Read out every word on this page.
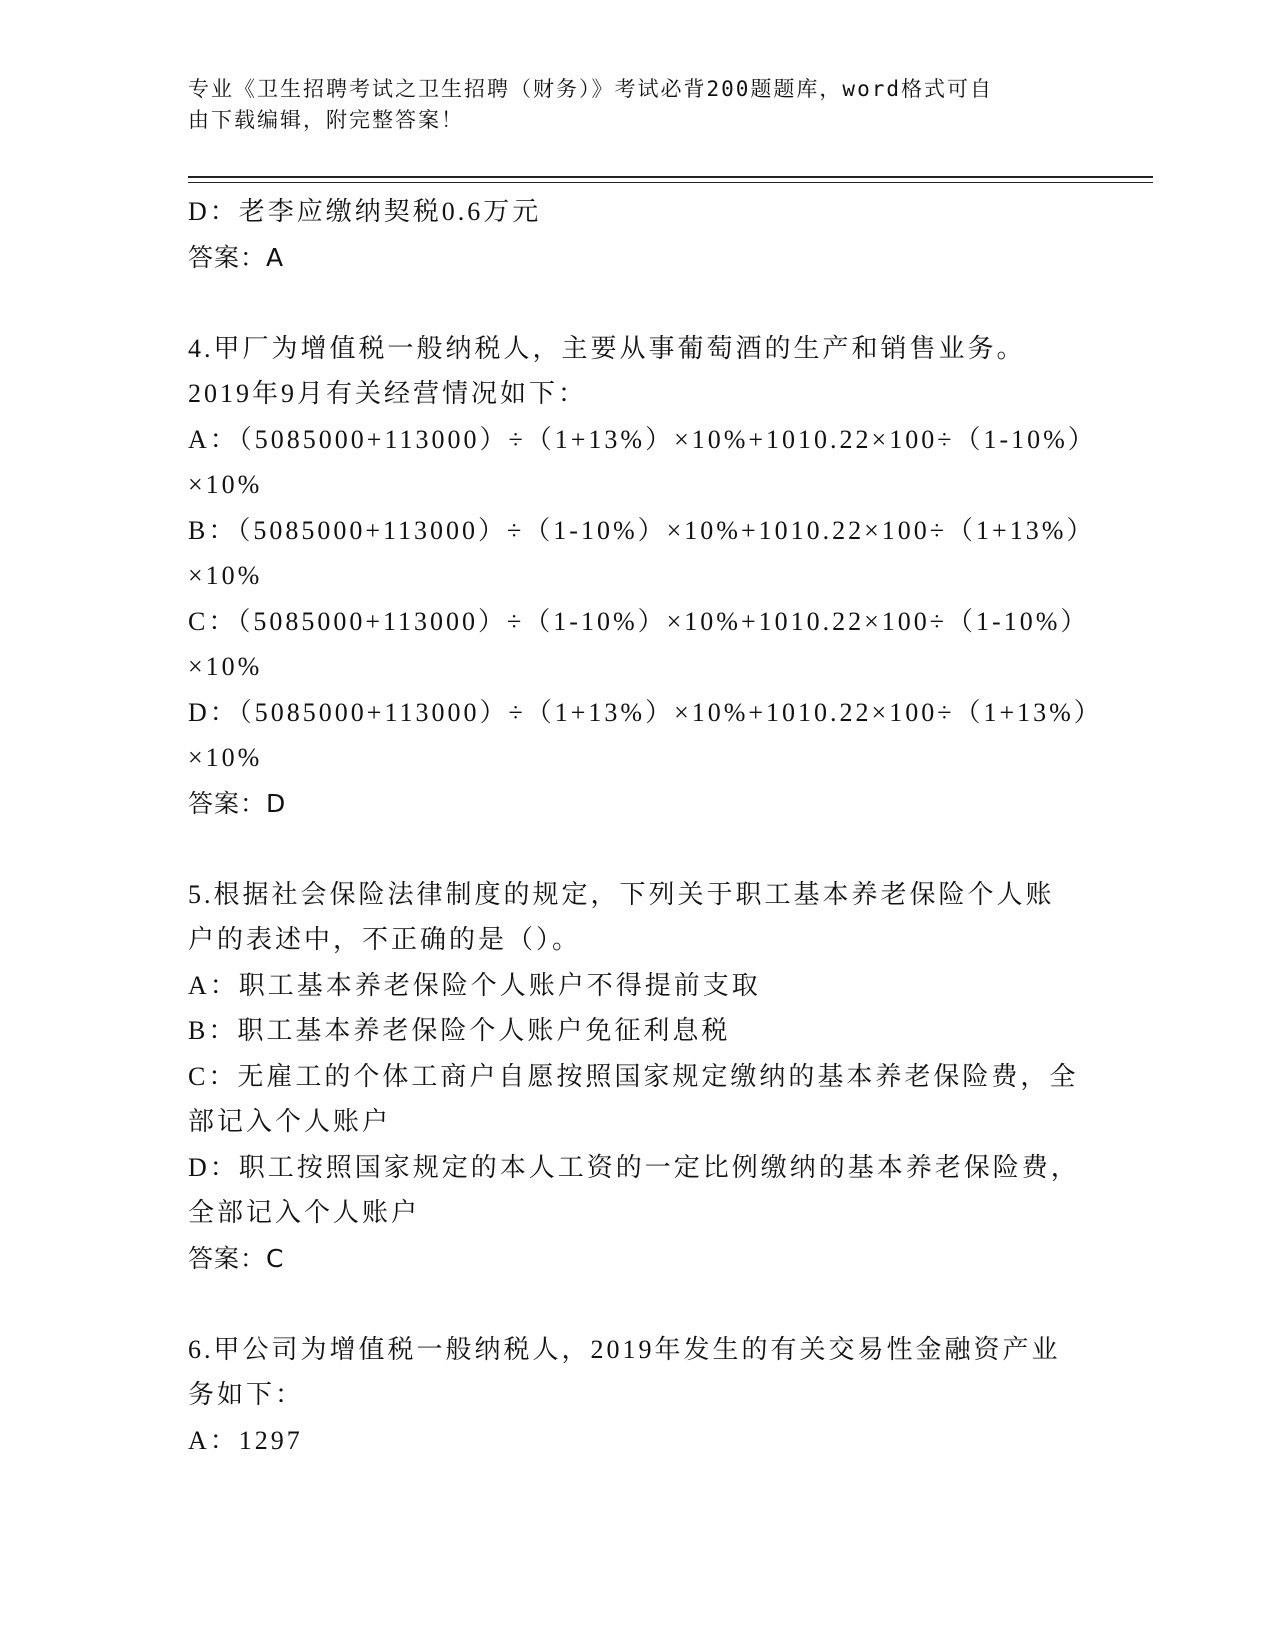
专业《卫生招聘考试之卫生招聘（财务）》考试必背200题题库，word格式可自
由下载编辑，附完整答案！
D：老李应缴纳契税0.6万元
答案：A
4.甲厂为增值税一般纳税人，主要从事葡萄酒的生产和销售业务。
2019年9月有关经营情况如下：
A：（5085000+113000）÷（1+13%）×10%+1010.22×100÷（1-10%）
×10%
B：（5085000+113000）÷（1-10%）×10%+1010.22×100÷（1+13%）
×10%
C：（5085000+113000）÷（1-10%）×10%+1010.22×100÷（1-10%）
×10%
D：（5085000+113000）÷（1+13%）×10%+1010.22×100÷（1+13%）
×10%
答案：D
5.根据社会保险法律制度的规定，下列关于职工基本养老保险个人账
户的表述中，不正确的是（）。
A：职工基本养老保险个人账户不得提前支取
B：职工基本养老保险个人账户免征利息税
C：无雇工的个体工商户自愿按照国家规定缴纳的基本养老保险费，全
部记入个人账户
D：职工按照国家规定的本人工资的一定比例缴纳的基本养老保险费，
全部记入个人账户
答案：C
6.甲公司为增值税一般纳税人，2019年发生的有关交易性金融资产业
务如下：
A：1297
